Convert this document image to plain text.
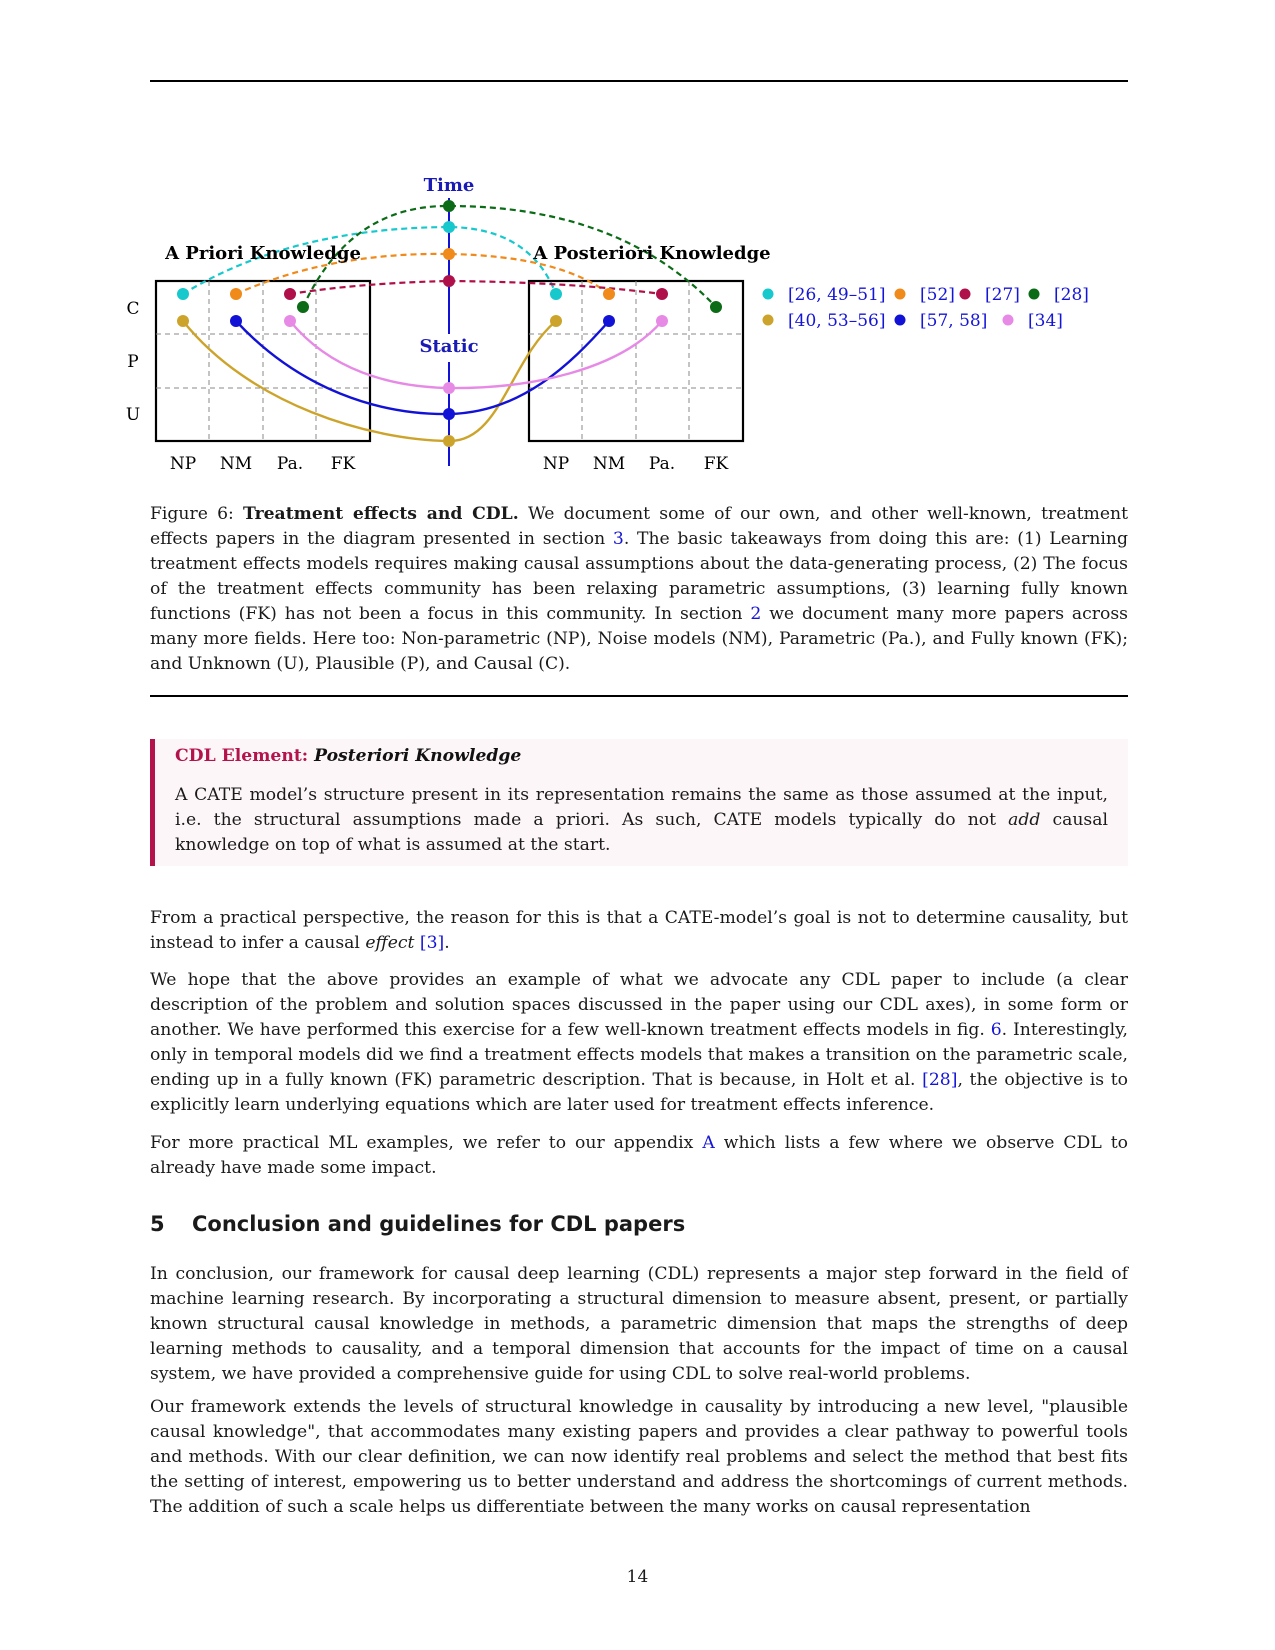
Time
Static
A Priori Knowledge	A Posteriori Knowledge
C
P
U
NP NM Pa. FK	NP NM Pa. FK
[26, 49–51] [52] [27] [28]
[40, 53–56] [57, 58] [34]
Figure 6: Treatment effects and CDL. We document some of our own, and other well-known, treatment effects papers in the diagram presented in section 3. The basic takeaways from doing this are: (1) Learning treatment effects models requires making causal assumptions about the data-generating process, (2) The focus of the treatment effects community has been relaxing parametric assumptions, (3) learning fully known functions (FK) has not been a focus in this community. In section 2 we document many more papers across many more fields. Here too: Non-parametric (NP), Noise models (NM), Parametric (Pa.), and Fully known (FK); and Unknown (U), Plausible (P), and Causal (C).
CDL Element: Posteriori Knowledge
A CATE model’s structure present in its representation remains the same as those assumed at the input, i.e. the structural assumptions made a priori. As such, CATE models typically do not add causal knowledge on top of what is assumed at the start.

From a practical perspective, the reason for this is that a CATE-model’s goal is not to determine causality, but instead to infer a causal effect [3].

We hope that the above provides an example of what we advocate any CDL paper to include (a clear description of the problem and solution spaces discussed in the paper using our CDL axes), in some form or another. We have performed this exercise for a few well-known treatment effects models in fig. 6. Interestingly, only in temporal models did we find a treatment effects models that makes a transition on the parametric scale, ending up in a fully known (FK) parametric description. That is because, in Holt et al. [28], the objective is to explicitly learn underlying equations which are later used for treatment effects inference.

For more practical ML examples, we refer to our appendix A which lists a few where we observe CDL to already have made some impact.

5 Conclusion and guidelines for CDL papers

In conclusion, our framework for causal deep learning (CDL) represents a major step forward in the field of machine learning research. By incorporating a structural dimension to measure absent, present, or partially known structural causal knowledge in methods, a parametric dimension that maps the strengths of deep learning methods to causality, and a temporal dimension that accounts for the impact of time on a causal system, we have provided a comprehensive guide for using CDL to solve real-world problems.

Our framework extends the levels of structural knowledge in causality by introducing a new level, "plausible causal knowledge", that accommodates many existing papers and provides a clear pathway to powerful tools and methods. With our clear definition, we can now identify real problems and select the method that best fits the setting of interest, empowering us to better understand and address the shortcomings of current methods. The addition of such a scale helps us differentiate between the many works on causal representation

14
